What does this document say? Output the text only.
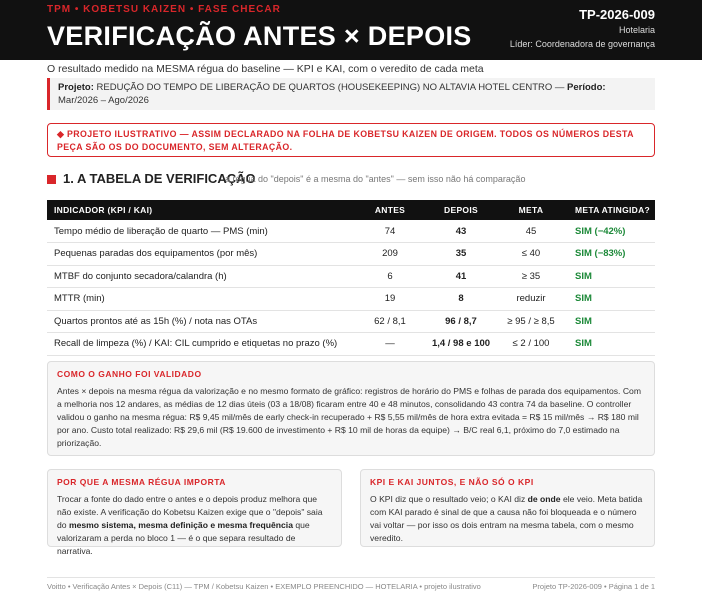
TPM • KOBETSU KAIZEN • FASE CHECAR
VERIFICAÇÃO ANTES × DEPOIS
TP-2026-009
Hotelaria
Líder: Coordenadora de governança
O resultado medido na MESMA régua do baseline — KPI e KAI, com o veredito de cada meta
Projeto: REDUÇÃO DO TEMPO DE LIBERAÇÃO DE QUARTOS (HOUSEKEEPING) NO ALTAVIA HOTEL CENTRO — Período: Mar/2026 – Ago/2026
◆ PROJETO ILUSTRATIVO — ASSIM DECLARADO NA FOLHA DE KOBETSU KAIZEN DE ORIGEM. TODOS OS NÚMEROS DESTA PEÇA SÃO OS DO DOCUMENTO, SEM ALTERAÇÃO.
1. A TABELA DE VERIFICAÇÃO
a régua do "depois" é a mesma do "antes" — sem isso não há comparação
INDICADOR (KPI / KAI)	ANTES	DEPOIS	META	META ATINGIDA?
Tempo médio de liberação de quarto — PMS (min)	74	43	45	SIM (−42%)
Pequenas paradas dos equipamentos (por mês)	209	35	≤ 40	SIM (−83%)
MTBF do conjunto secadora/calandra (h)	6	41	≥ 35	SIM
MTTR (min)	19	8	reduzir	SIM
Quartos prontos até as 15h (%) / nota nas OTAs	62 / 8,1	96 / 8,7	≥ 95 / ≥ 8,5	SIM
Recall de limpeza (%) / KAI: CIL cumprido e etiquetas no prazo (%)	—	1,4 / 98 e 100	≤ 2 / 100	SIM
COMO O GANHO FOI VALIDADO
Antes × depois na mesma régua da valorização e no mesmo formato de gráfico: registros de horário do PMS e folhas de parada dos equipamentos. Com a melhoria nos 12 andares, as médias de 12 dias úteis (03 a 18/08) ficaram entre 40 e 48 minutos, consolidando 43 contra 74 da baseline. O controller validou o ganho na mesma régua: R$ 9,45 mil/mês de early check-in recuperado + R$ 5,55 mil/mês de hora extra evitada = R$ 15 mil/mês → R$ 180 mil por ano. Custo total realizado: R$ 29,6 mil (R$ 19.600 de investimento + R$ 10 mil de horas da equipe) → B/C real 6,1, próximo do 7,0 estimado na priorização.
POR QUE A MESMA RÉGUA IMPORTA
Trocar a fonte do dado entre o antes e o depois produz melhora que não existe. A verificação do Kobetsu Kaizen exige que o "depois" saia do mesmo sistema, mesma definição e mesma frequência que valorizaram a perda no bloco 1 — é o que separa resultado de narrativa.
KPI E KAI JUNTOS, E NÃO SÓ O KPI
O KPI diz que o resultado veio; o KAI diz de onde ele veio. Meta batida com KAI parado é sinal de que a causa não foi bloqueada e o número vai voltar — por isso os dois entram na mesma tabela, com o mesmo veredito.
Voitto • Verificação Antes × Depois (C11) — TPM / Kobetsu Kaizen • EXEMPLO PREENCHIDO — HOTELARIA • projeto ilustrativo	Projeto TP-2026-009 • Página 1 de 1
